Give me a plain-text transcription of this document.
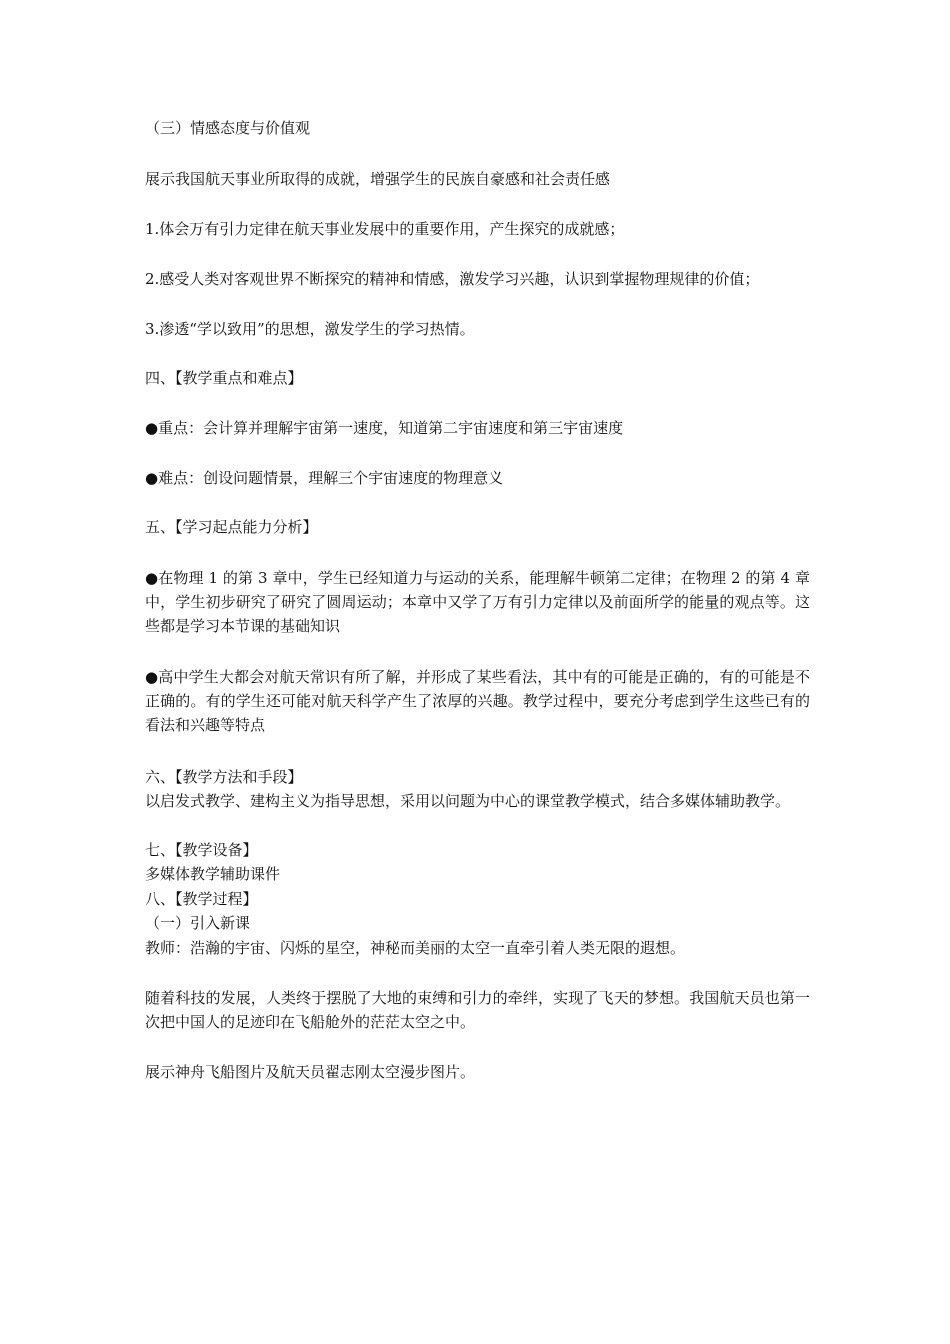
（三）情感态度与价值观
展示我国航天事业所取得的成就，增强学生的民族自豪感和社会责任感
1.体会万有引力定律在航天事业发展中的重要作用，产生探究的成就感；
2.感受人类对客观世界不断探究的精神和情感，激发学习兴趣，认识到掌握物理规律的价值；
3.渗透“学以致用”的思想，激发学生的学习热情。
四、【教学重点和难点】
●重点：会计算并理解宇宙第一速度，知道第二宇宙速度和第三宇宙速度
●难点：创设问题情景，理解三个宇宙速度的物理意义
五、【学习起点能力分析】
●在物理 1 的第 3 章中，学生已经知道力与运动的关系，能理解牛顿第二定律；在物理 2 的第 4 章中，学生初步研究了研究了圆周运动；本章中又学了万有引力定律以及前面所学的能量的观点等。这些都是学习本节课的基础知识
●高中学生大都会对航天常识有所了解，并形成了某些看法，其中有的可能是正确的，有的可能是不正确的。有的学生还可能对航天科学产生了浓厚的兴趣。教学过程中，要充分考虑到学生这些已有的看法和兴趣等特点
六、【教学方法和手段】
以启发式教学、建构主义为指导思想，采用以问题为中心的课堂教学模式，结合多媒体辅助教学。
七、【教学设备】
多媒体教学辅助课件
八、【教学过程】
（一）引入新课
教师：浩瀚的宇宙、闪烁的星空，神秘而美丽的太空一直牵引着人类无限的遐想。
随着科技的发展，人类终于摆脱了大地的束缚和引力的牵绊，实现了飞天的梦想。我国航天员也第一次把中国人的足迹印在飞船舱外的茫茫太空之中。
展示神舟飞船图片及航天员翟志刚太空漫步图片。
